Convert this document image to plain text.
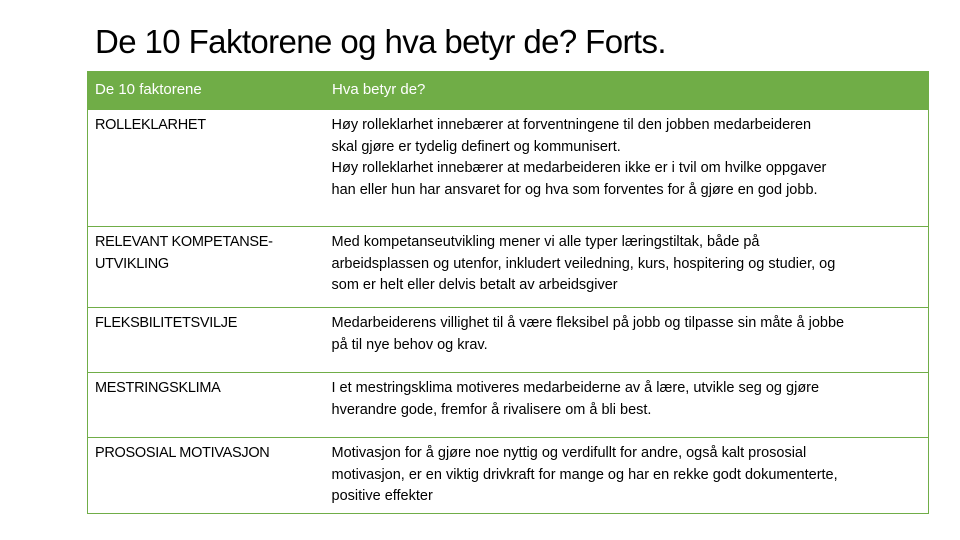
De 10 Faktorene og hva betyr de? Forts.
De 10 faktorene	Hva betyr de?
ROLLEKLARHET	Høy rolleklarhet innebærer at forventningene til den jobben medarbeideren
skal gjøre er tydelig definert og kommunisert.
Høy rolleklarhet innebærer at medarbeideren ikke er i tvil om hvilke oppgaver
han eller hun har ansvaret for og hva som forventes for å gjøre en god jobb.

RELEVANT KOMPETANSE-UTVIKLING	Med kompetanseutvikling mener vi alle typer læringstiltak, både på
arbeidsplassen og utenfor, inkludert veiledning, kurs, hospitering og studier, og
som er helt eller delvis betalt av arbeidsgiver

FLEKSBILITETSVILJE	Medarbeiderens villighet til å være fleksibel på jobb og tilpasse sin måte å jobbe
på til nye behov og krav.

MESTRINGSKLIMA	I et mestringsklima motiveres medarbeiderne av å lære, utvikle seg og gjøre
hverandre gode, fremfor å rivalisere om å bli best.

PROSOSIAL MOTIVASJON	Motivasjon for å gjøre noe nyttig og verdifullt for andre, også kalt prososial
motivasjon, er en viktig drivkraft for mange og har en rekke godt dokumenterte,
positive effekter
